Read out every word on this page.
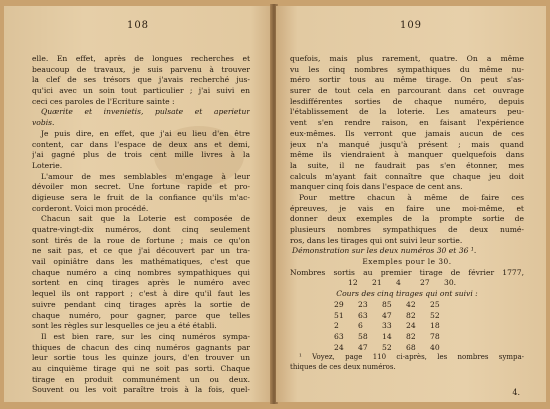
108
elle. En effet, après de longues recherches et
beaucoup de travaux, je suis parvenu à trouver
la clef de ses trésors que j'avais recherché jus-
qu'ici avec un soin tout particulier ; j'ai suivi en
ceci ces paroles de l'Ecriture sainte :
Quærite et invenietis, pulsate et aperietur
vobis.
Je puis dire, en effet, que j'ai eu lieu d'en être
content, car dans l'espace de deux ans et demi,
j'ai gagné plus de trois cent mille livres à la
Loterie.
L'amour de mes semblables m'engage à leur
dévoiler mon secret. Une fortune rapide et pro-
digieuse sera le fruit de la confiance qu'ils m'ac-
corderont. Voici mon procédé.
Chacun sait que la Loterie est composée de
quatre-vingt-dix numéros, dont cinq seulement
sont tirés de la roue de fortune ; mais ce qu'on
ne sait pas, et ce que j'ai découvert par un tra-
vail opiniâtre dans les mathématiques, c'est que
chaque numéro a cinq nombres sympathiques qui
sortent en cinq tirages après le numéro avec
lequel ils ont rapport ; c'est à dire qu'il faut les
suivre pendant cinq tirages après la sortie de
chaque numéro, pour gagner, parce que telles
sont les règles sur lesquelles ce jeu a été établi.
Il est bien rare, sur les cinq numéros sympa-
thiques de chacun des cinq numéros gagnants par
leur sortie tous les quinze jours, d'en trouver un
au cinquième tirage qui ne soit pas sorti. Chaque
tirage en produit communément un ou deux.
Souvent ou les voit paraître trois à la fois, quel-
109
quefois, mais plus rarement, quatre. On a même
vu les cinq nombres sympathiques du même nu-
méro sortir tous au même tirage. On peut s'as-
surer de tout cela en parcourant dans cet ouvrage
lesdifférentes sorties de chaque numéro, depuis
l'établissement de la loterie. Les amateurs peu-
vent s'en rendre raison, en faisant l'expérience
eux-mêmes. Ils verront que jamais aucun de ces
jeux n'a manqué jusqu'à présent ; mais quand
même ils viendraient à manquer quelquefois dans
la suite, il ne faudrait pas s'en étonner, mes
calculs m'ayant fait connaître que chaque jeu doit
manquer cinq fois dans l'espace de cent ans.
Pour mettre chacun à même de faire ces
épreuves, je vais en faire une moi-même, et
donner deux exemples de la prompte sortie de
plusieurs nombres sympathiques de deux numé-
ros, dans les tirages qui ont suivi leur sortie.
Démonstration sur les deux numéros 30 et 36 ¹.
Exemples pour le 30.
Nombres sortis au premier tirage de février 1777,
12	21	4	27	30.
Cours des cinq tirages qui ont suivi :
29	23	85	42	25
51	63	47	82	52
2	6	33	24	18
63	58	14	82	78
24	47	52	68	40
¹ Voyez, page 110 ci-après, les nombres sympa-
thiques de ces deux numéros.
4.
